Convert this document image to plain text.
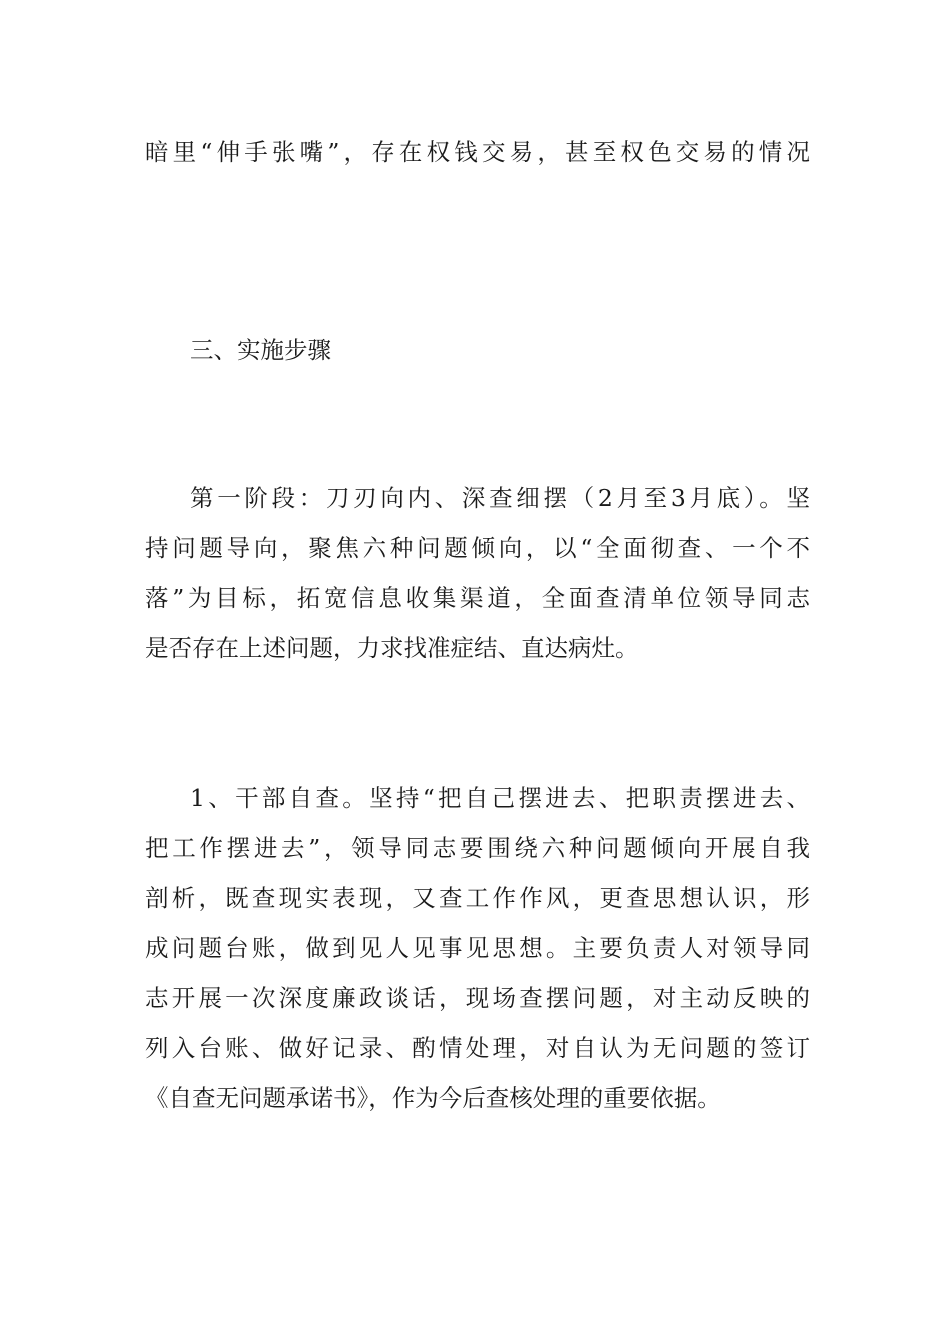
暗里“伸手张嘴”，存在权钱交易，甚至权色交易的情况
三、实施步骤
第一阶段：刀刃向内、深查细摆（2月至3月底）。坚
持问题导向，聚焦六种问题倾向，以“全面彻查、一个不
落”为目标，拓宽信息收集渠道，全面查清单位领导同志
是否存在上述问题，力求找准症结、直达病灶。
1、干部自查。坚持“把自己摆进去、把职责摆进去、
把工作摆进去”，领导同志要围绕六种问题倾向开展自我
剖析，既查现实表现，又查工作作风，更查思想认识，形
成问题台账，做到见人见事见思想。主要负责人对领导同
志开展一次深度廉政谈话，现场查摆问题，对主动反映的
列入台账、做好记录、酌情处理，对自认为无问题的签订
《自查无问题承诺书》，作为今后查核处理的重要依据。
